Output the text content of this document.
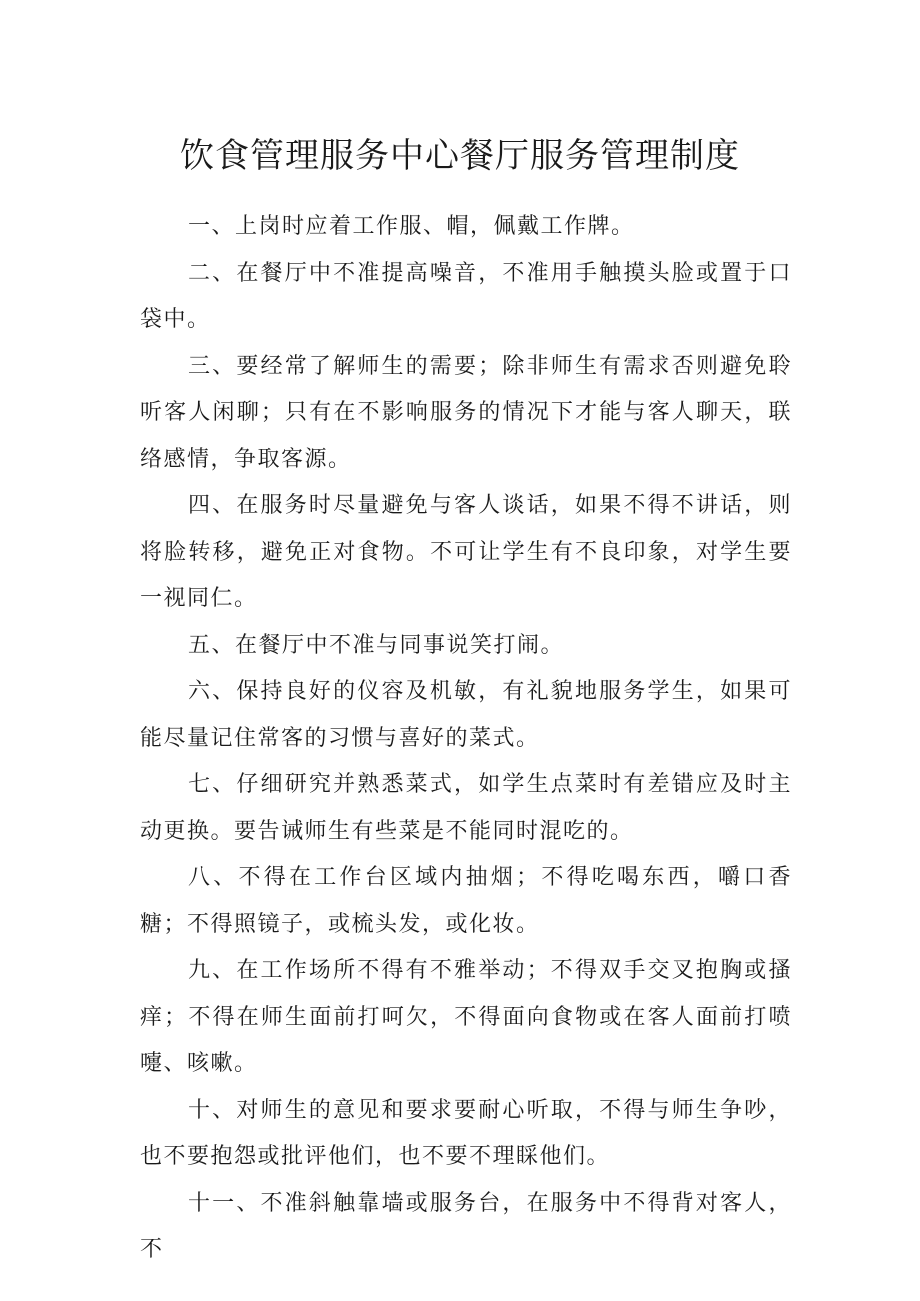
饮食管理服务中心餐厅服务管理制度

一、上岗时应着工作服、帽，佩戴工作牌。

二、在餐厅中不准提高噪音，不准用手触摸头脸或置于口袋中。

三、要经常了解师生的需要；除非师生有需求否则避免聆听客人闲聊；只有在不影响服务的情况下才能与客人聊天，联络感情，争取客源。

四、在服务时尽量避免与客人谈话，如果不得不讲话，则将脸转移，避免正对食物。不可让学生有不良印象，对学生要一视同仁。

五、在餐厅中不准与同事说笑打闹。

六、保持良好的仪容及机敏，有礼貌地服务学生，如果可能尽量记住常客的习惯与喜好的菜式。

七、仔细研究并熟悉菜式，如学生点菜时有差错应及时主动更换。要告诫师生有些菜是不能同时混吃的。

八、不得在工作台区域内抽烟；不得吃喝东西，嚼口香糖；不得照镜子，或梳头发，或化妆。

九、在工作场所不得有不雅举动；不得双手交叉抱胸或搔痒；不得在师生面前打呵欠，不得面向食物或在客人面前打喷嚏、咳嗽。

十、对师生的意见和要求要耐心听取，不得与师生争吵，也不要抱怨或批评他们，也不要不理睬他们。

十一、不准斜触靠墙或服务台，在服务中不得背对客人，不
